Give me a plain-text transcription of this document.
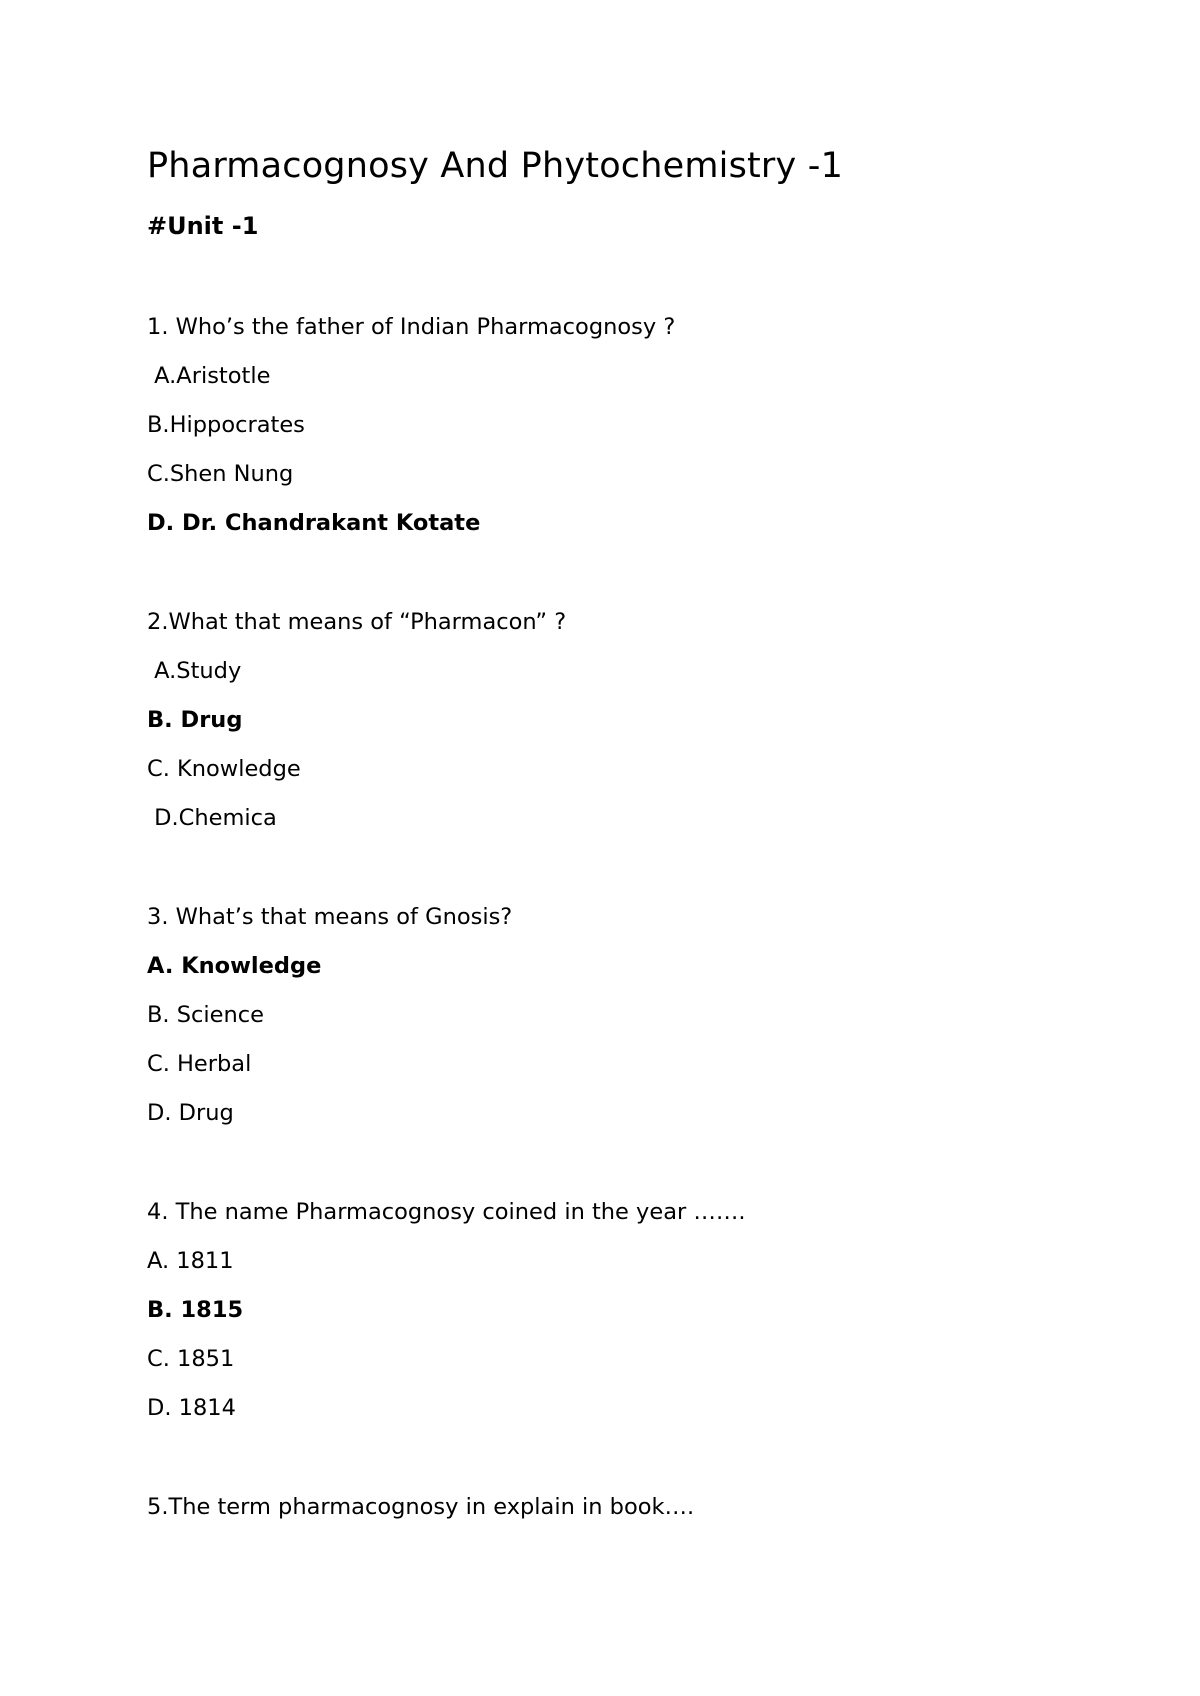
Pharmacognosy And Phytochemistry -1
#Unit -1
1. Who’s the father of Indian Pharmacognosy ?
A.Aristotle
B.Hippocrates
C.Shen Nung
D. Dr. Chandrakant Kotate
2.What that means of “Pharmacon” ?
A.Study
B. Drug
C. Knowledge
D.Chemica
3. What’s that means of Gnosis?
A. Knowledge
B. Science
C. Herbal
D. Drug
4. The name Pharmacognosy coined in the year …….
A. 1811
B. 1815
C. 1851
D. 1814
5.The term pharmacognosy in explain in book….
